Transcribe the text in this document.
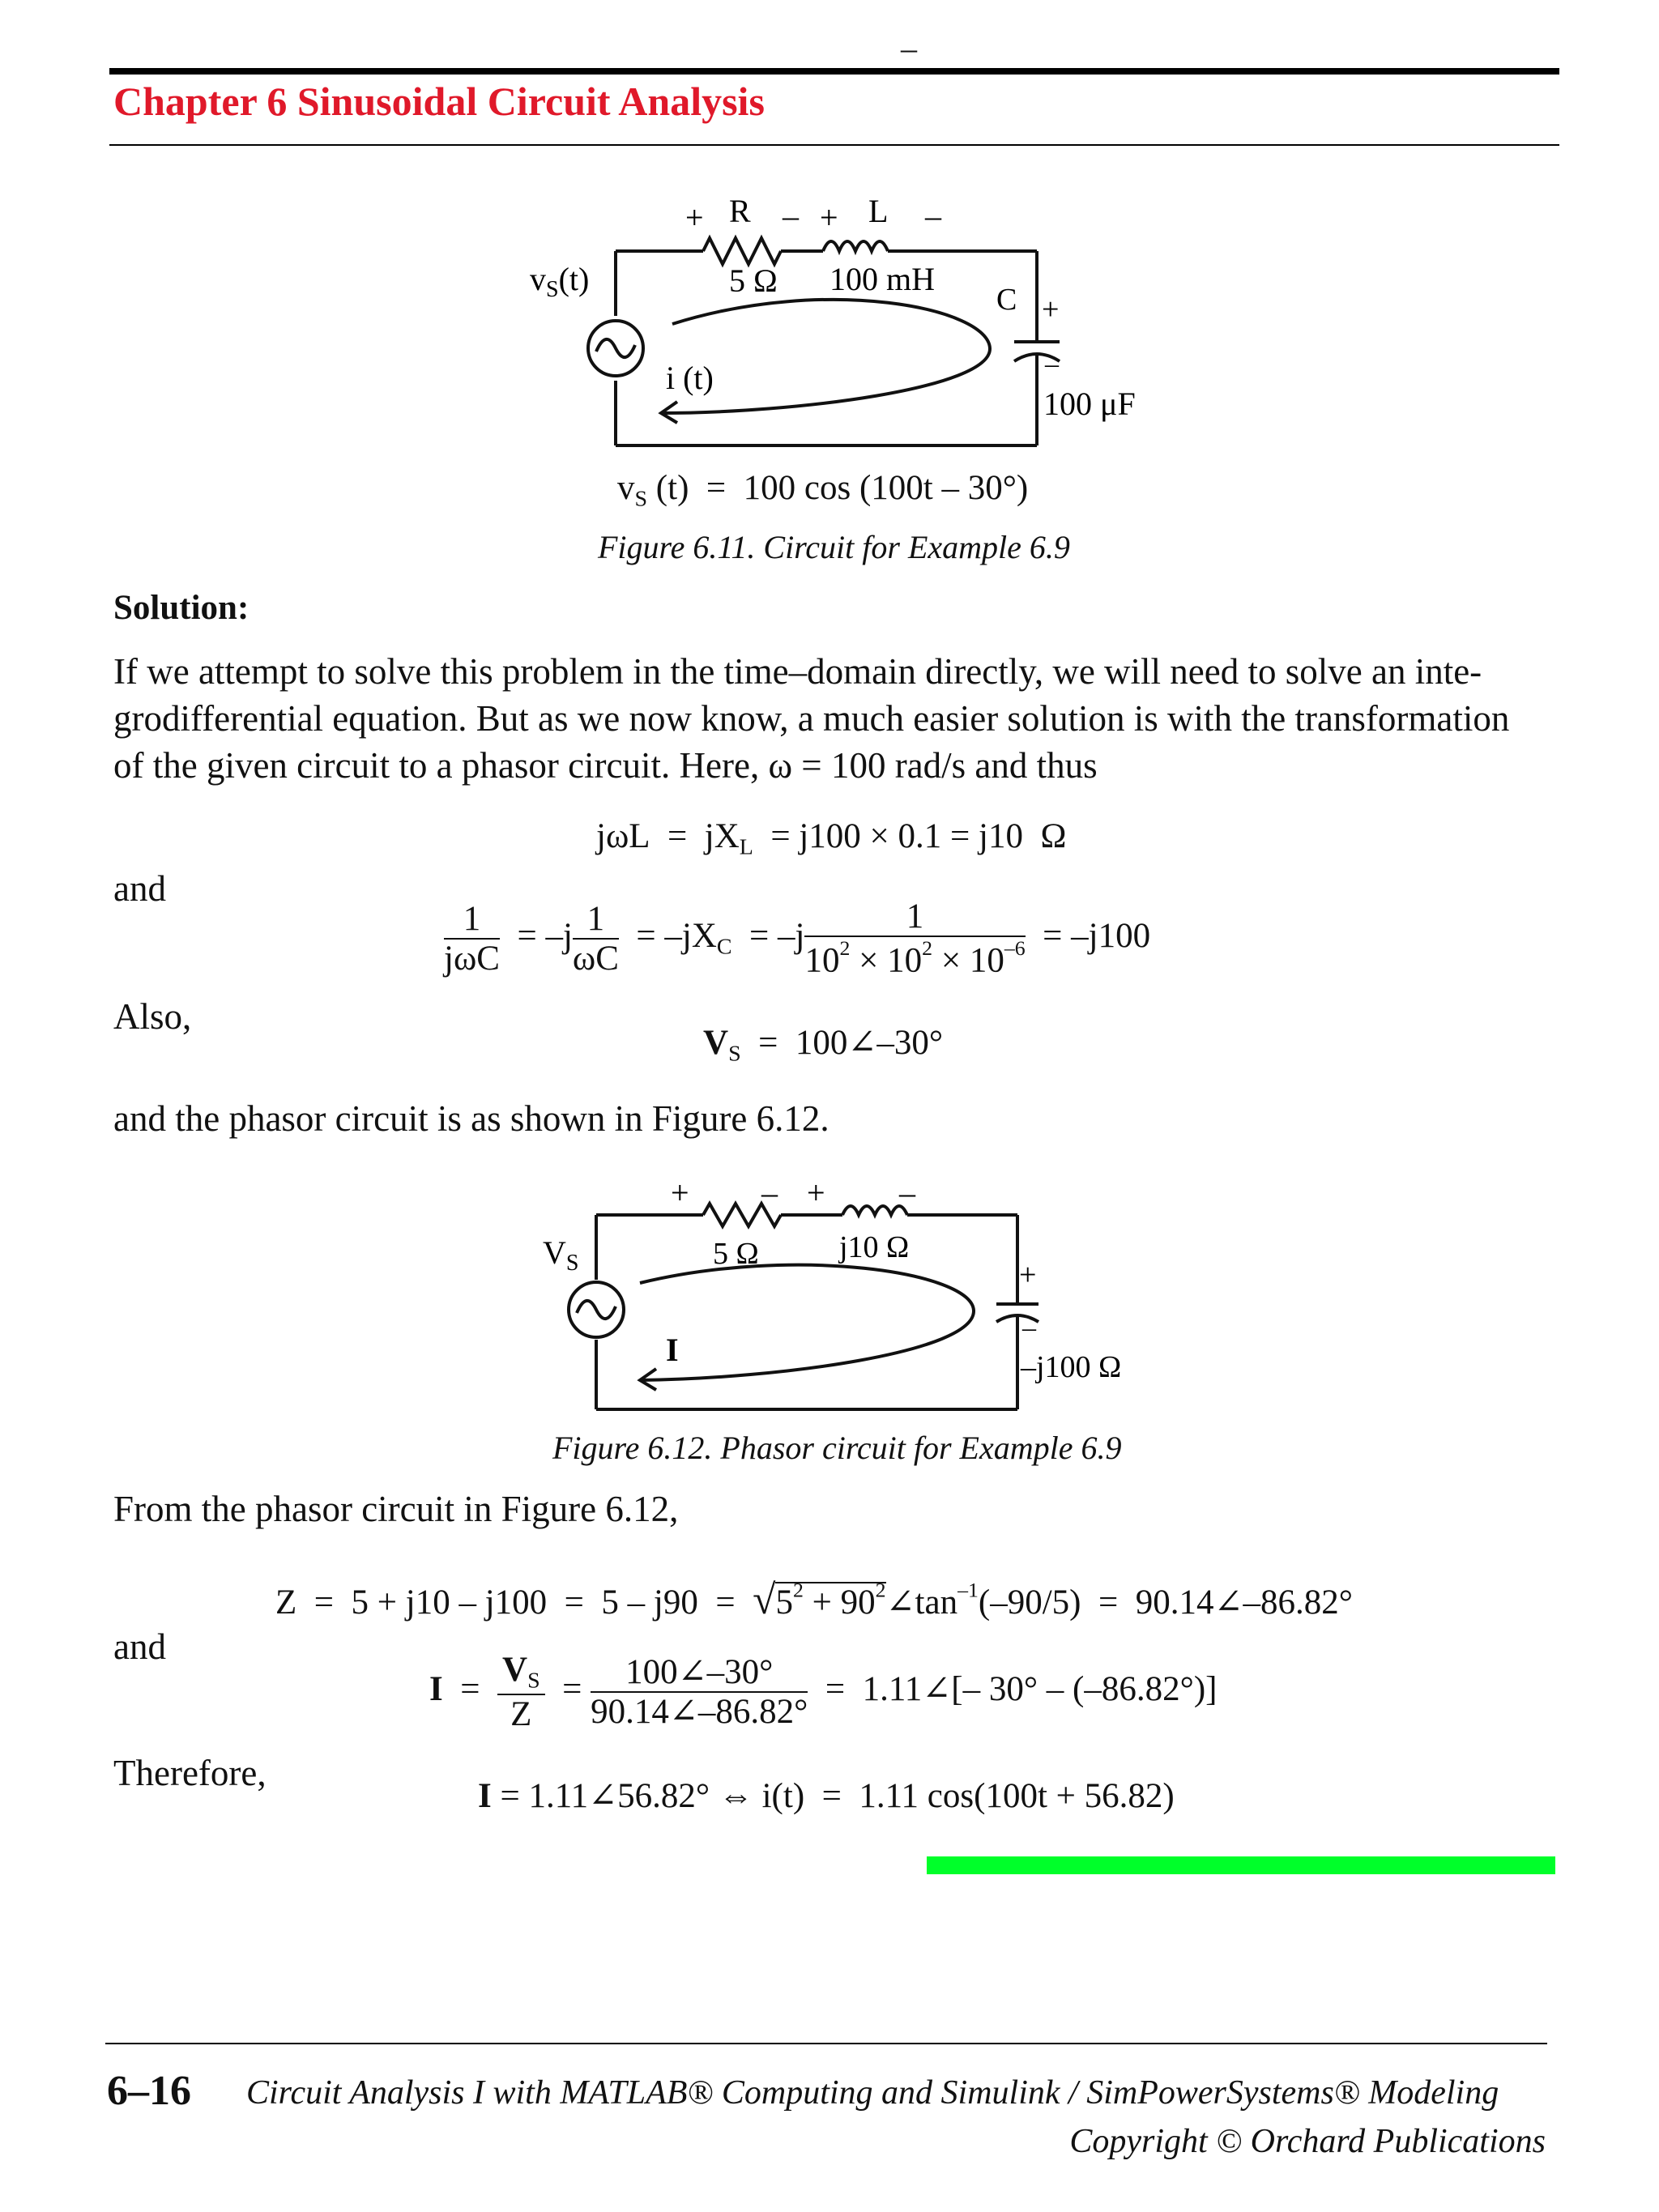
–
Chapter 6 Sinusoidal Circuit Analysis
+ R –
5 Ω
+ L –
100 mH
C +
–
100 μF
$v_S(t)$
i (t)
$v_S$ (t)  =  100 cos (100t – 30°)
Figure 6.11. Circuit for Example 6.9
Solution:
If we attempt to solve this problem in the time–domain directly, we will need to solve an inte-
grodifferential equation. But as we now know, a much easier solution is with the transformation
of the given circuit to a phasor circuit. Here, ω = 100 rad/s and thus
$j\omega L = jX_L = j100 \times 0.1 = j10$  Ω
and
$\frac{1}{\text{jωC}} = -j \frac{1}{\omega C} = -jX_C = -j \frac{1}{10^2 \times 10^2 \times 10^{-6}} = -j100$
Also,
$V_S$  =  100∠–30°
and the phasor circuit is as shown in Figure 6.12.
+ –
5 Ω
+ –
j10 Ω
+
–
–j100 Ω
$V_S$
I
Figure 6.12. Phasor circuit for Example 6.9
From the phasor circuit in Figure 6.12,
$Z = 5 + j10 - j100 = 5 - j90 = √5^2$ + $90^2\angle\tan^{-1}(-90/5)$  =  90.14∠–86.82°
and
$I = \frac{V_S}{Z} = \frac{100\angle-30^\circ}{90.14\angle-86.82^\circ}$ =  1.11∠[– 30° – (–86.82°)]
Therefore,
I = 1.11∠56.82° ⇔ i(t)  =  1.11 cos(100t + 56.82)
6–16 Circuit Analysis I with MATLAB® Computing and Simulink / SimPowerSystems® Modeling
Copyright © Orchard Publications
